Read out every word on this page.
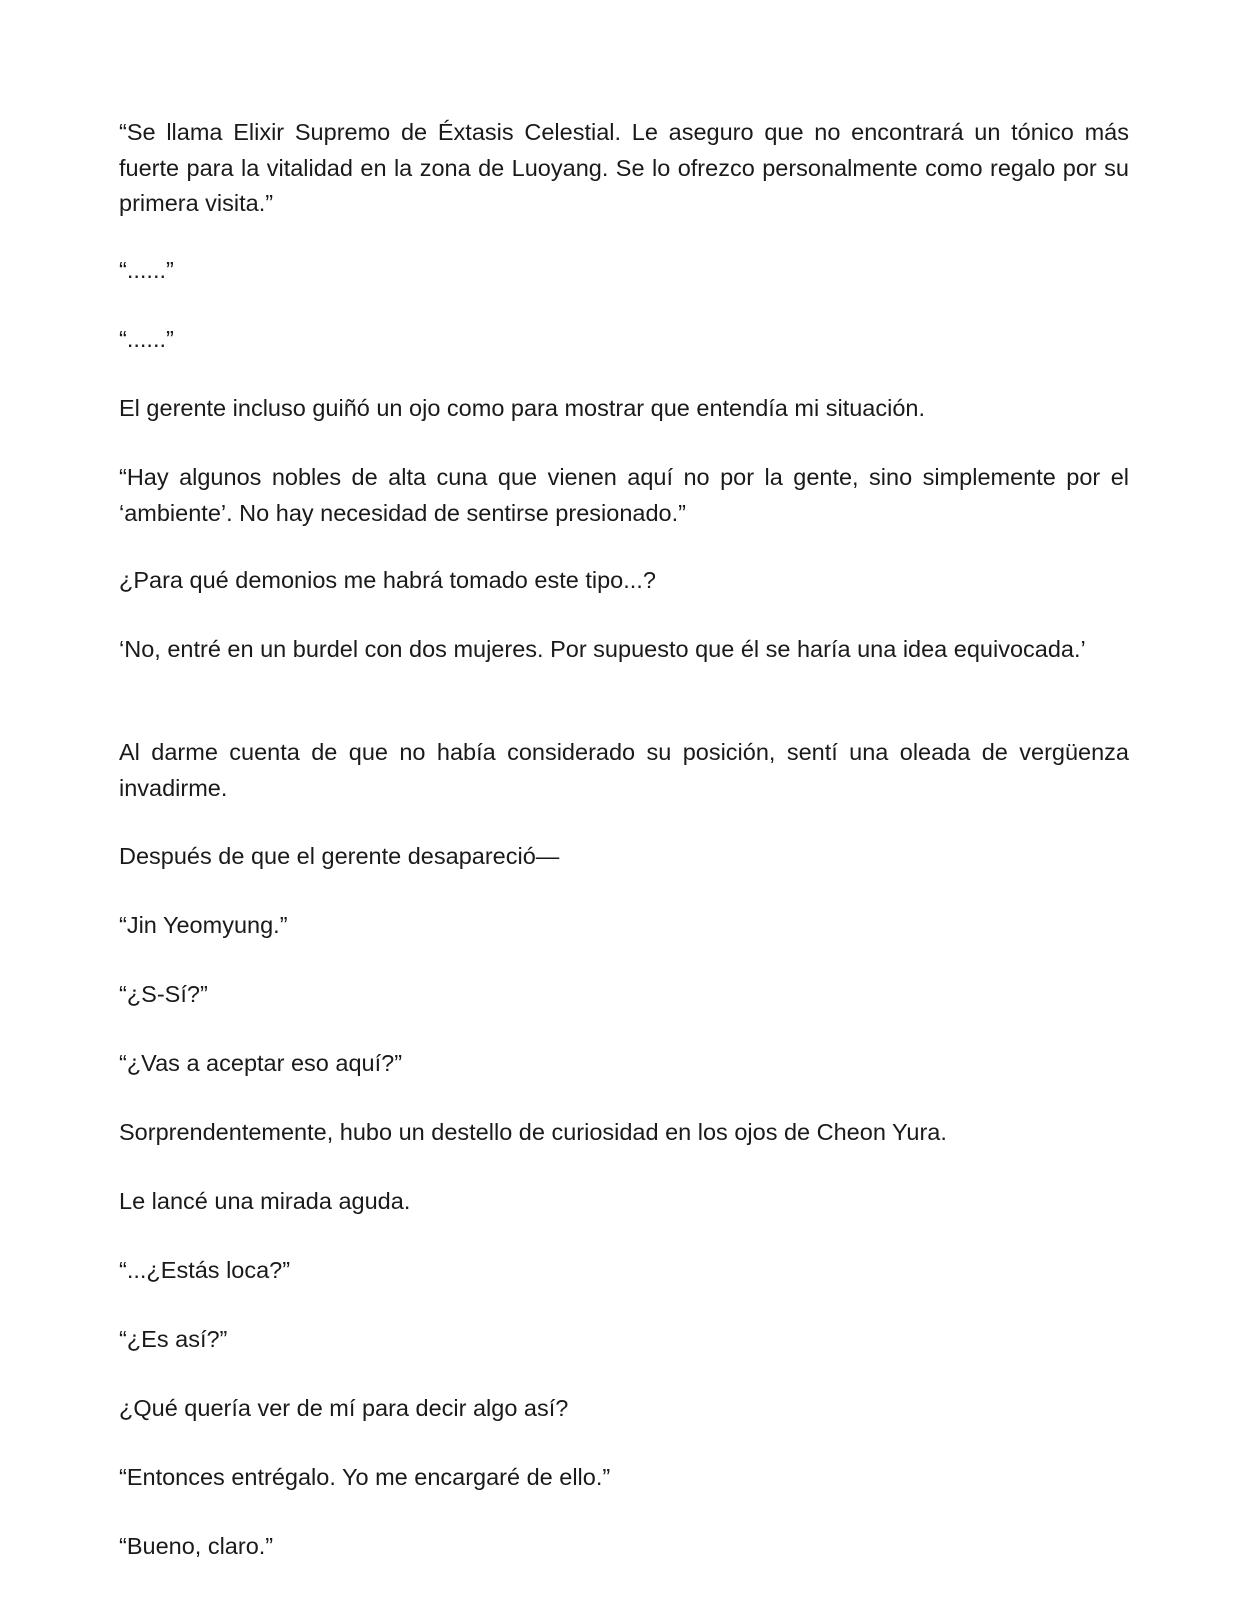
“Se llama Elixir Supremo de Éxtasis Celestial. Le aseguro que no encontrará un tónico más fuerte para la vitalidad en la zona de Luoyang. Se lo ofrezco personalmente como regalo por su primera visita.”

“......”

“......”

El gerente incluso guiñó un ojo como para mostrar que entendía mi situación.

“Hay algunos nobles de alta cuna que vienen aquí no por la gente, sino simplemente por el ‘ambiente’. No hay necesidad de sentirse presionado.”

¿Para qué demonios me habrá tomado este tipo...?

‘No, entré en un burdel con dos mujeres. Por supuesto que él se haría una idea equivocada.’

Al darme cuenta de que no había considerado su posición, sentí una oleada de vergüenza invadirme.

Después de que el gerente desapareció—

“Jin Yeomyung.”

“¿S-Sí?”

“¿Vas a aceptar eso aquí?”

Sorprendentemente, hubo un destello de curiosidad en los ojos de Cheon Yura.

Le lancé una mirada aguda.

“...¿Estás loca?”

“¿Es así?”

¿Qué quería ver de mí para decir algo así?

“Entonces entrégalo. Yo me encargaré de ello.”

“Bueno, claro.”
